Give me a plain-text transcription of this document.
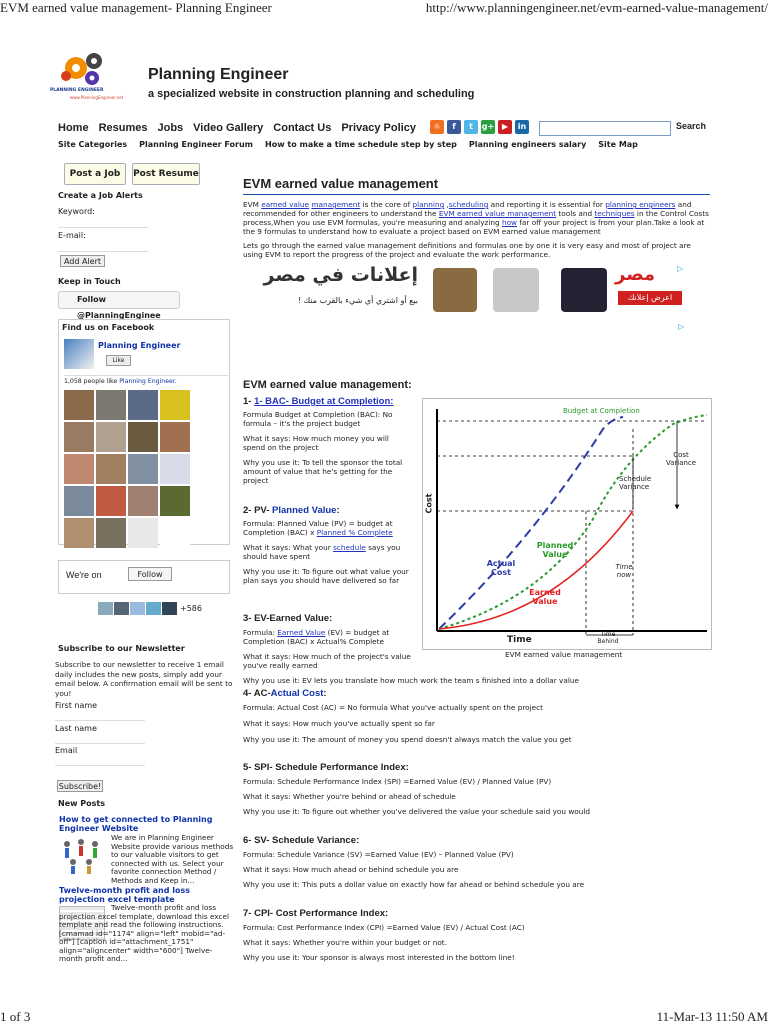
EVM earned value management- Planning Engineer	http://www.planningengineer.net/evm-earned-value-management/
PLANNING ENGINEER
www.PlanningEngineer.net
Planning Engineer
a specialized website in construction planning and scheduling
Home Resumes Jobs Video Gallery Contact Us Privacy Policy	☼	f	t	g+ ▶	in	Search
Site Categories Planning Engineer Forum How to make a time schedule step by step Planning engineers salary Site Map
Post a Job	Post Resume
Create a Job Alerts
Keyword:
E-mail:
Add Alert
Keep in Touch
Follow @PlanningEnginee
Find us on Facebook
Planning Engineer
Like
1,058 people like Planning Engineer.
We're on	Follow
+586
Subscribe to our Newsletter
Subscribe to our newsletter to receive 1 email daily includes the new posts, simply add your email below. A confirmation email will be sent to you!
First name
Last name
Email
Subscribe!
New Posts
How to get connected to Planning Engineer Website
We are in Planning Engineer Website provide various methods to our valuable visitors to get connected with us. Select your favorite connection Method / Methods and Keep in...
Twelve-month profit and loss projection excel template
Twelve-month profit and loss projection excel template, download this excel template and read the following instructions. [cmamad id="1174" align="left" mobid="ad-off"] [caption id="attachment_1751" align="aligncenter" width="600"] Twelve-month profit and...
EVM earned value management
EVM earned value management is the core of planning ,scheduling and reporting it is essential for planning engineers and recommended for other engineers to understand the EVM earned value management tools and techniques in the Control Costs process,When you use EVM formulas, you're measuring and analyzing how far off your project is from your plan.Take a look at the 9 formulas to understand how to evaluate a project based on EVM earned value management
Lets go through the earned value management definitions and formulas one by one it is very easy and most of project are using EVM to report the progress of the project and evaluate the work performance.
إعلانات في مصر
بيع أو اشتري أي شيء بالقرب منك !
مصر
اعرض إعلانك
▷
▷
EVM earned value management:
1- 1- BAC- Budget at Completion:
Formula Budget at Completion (BAC): No formula – it's the project budget
What it says: How much money you will spend on the project
Why you use it: To tell the sponsor the total amount of value that he's getting for the project
2- PV- Planned Value:
Formula: Planned Value (PV) = budget at Completion (BAC) x Planned % Complete
What it says: What your schedule says you should have spent
Why you use it: To figure out what value your plan says you should have delivered so far
3- EV-Earned Value:
Formula: Earned Value (EV) = budget at Completion (BAC) x Actual% Complete
What it says: How much of the project's value you've really earned
Budget at Completion
Cost Variance
Schedule Variance
Planned Value
Actual Cost
Earned Value
Time now
Time Behind
Time
Cost
EVM earned value management
Why you use it: EV lets you translate how much work the team s finished into a dollar value
4- AC-Actual Cost:
Formula: Actual Cost (AC) = No formula What you've actually spent on the project
What it says: How much you've actually spent so far
Why you use it: The amount of money you spend doesn't always match the value you get
5- SPI- Schedule Performance Index:
Formula: Schedule Performance Index (SPI) =Earned Value (EV) / Planned Value (PV)
What it says: Whether you're behind or ahead of schedule
Why you use it: To figure out whether you've delivered the value your schedule said you would
6- SV- Schedule Variance:
Formula: Schedule Variance (SV) =Earned Value (EV) – Planned Value (PV)
What it says: How much ahead or behind schedule you are
Why you use it: This puts a dollar value on exactly how far ahead or behind schedule you are
7- CPI- Cost Performance Index:
Formula: Cost Performance Index (CPI) =Earned Value (EV) / Actual Cost (AC)
What it says: Whether you're within your budget or not.
Why you use it: Your sponsor is always most interested in the bottom line!
1 of 3	11-Mar-13 11:50 AM
